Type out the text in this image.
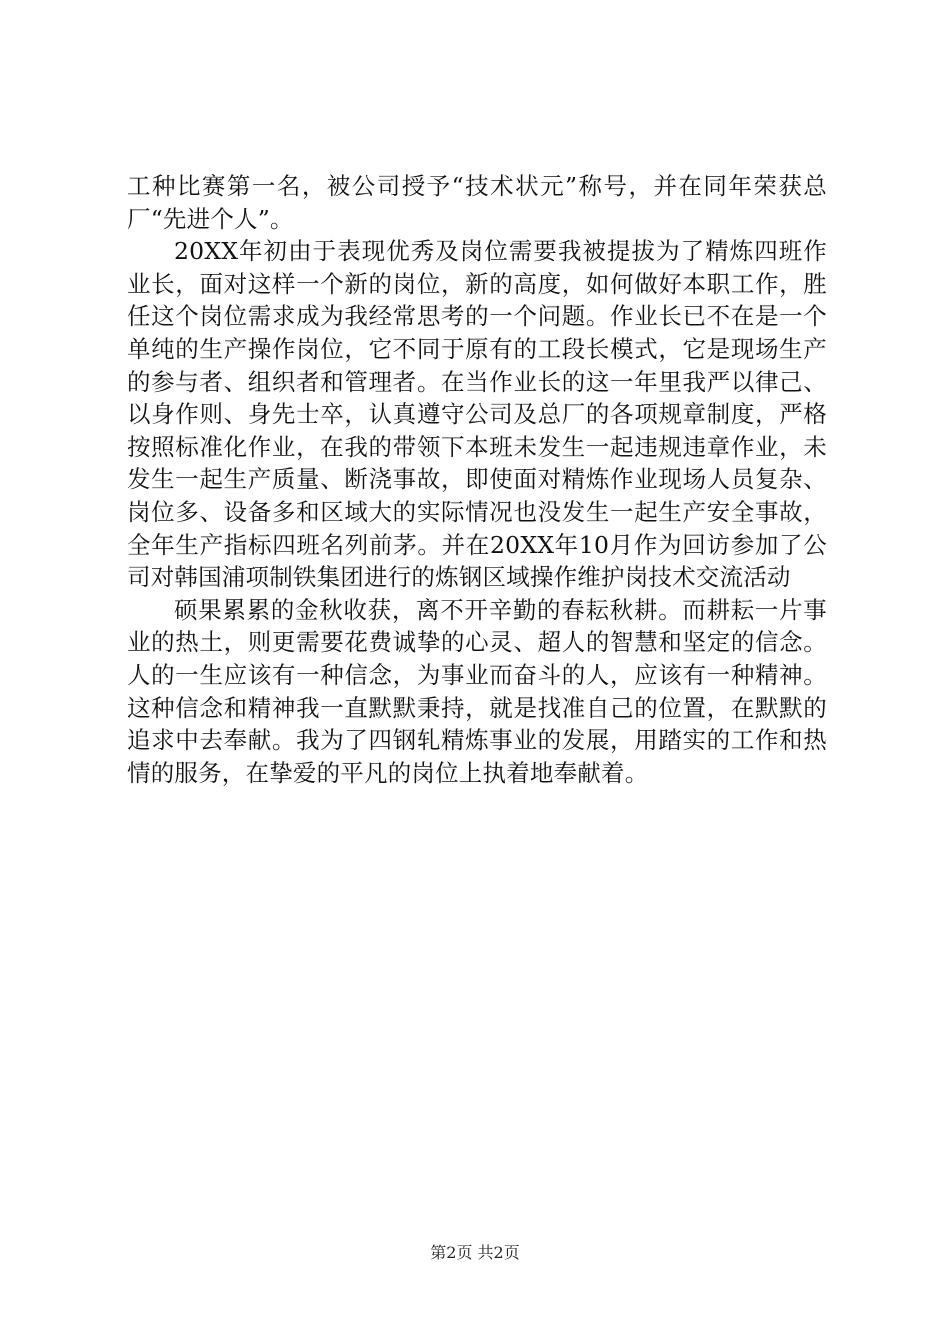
工种比赛第一名，被公司授予“技术状元”称号，并在同年荣获总厂“先进个人”。

20XX年初由于表现优秀及岗位需要我被提拔为了精炼四班作业长，面对这样一个新的岗位，新的高度，如何做好本职工作，胜任这个岗位需求成为我经常思考的一个问题。作业长已不在是一个单纯的生产操作岗位，它不同于原有的工段长模式，它是现场生产的参与者、组织者和管理者。在当作业长的这一年里我严以律己、以身作则、身先士卒，认真遵守公司及总厂的各项规章制度，严格按照标准化作业，在我的带领下本班未发生一起违规违章作业，未发生一起生产质量、断浇事故，即使面对精炼作业现场人员复杂、岗位多、设备多和区域大的实际情况也没发生一起生产安全事故，全年生产指标四班名列前茅。并在20XX年10月作为回访参加了公司对韩国浦项制铁集团进行的炼钢区域操作维护岗技术交流活动

硕果累累的金秋收获，离不开辛勤的春耘秋耕。而耕耘一片事业的热土，则更需要花费诚挚的心灵、超人的智慧和坚定的信念。人的一生应该有一种信念，为事业而奋斗的人，应该有一种精神。这种信念和精神我一直默默秉持，就是找准自己的位置，在默默的追求中去奉献。我为了四钢轧精炼事业的发展，用踏实的工作和热情的服务，在挚爱的平凡的岗位上执着地奉献着。

第2页 共2页
